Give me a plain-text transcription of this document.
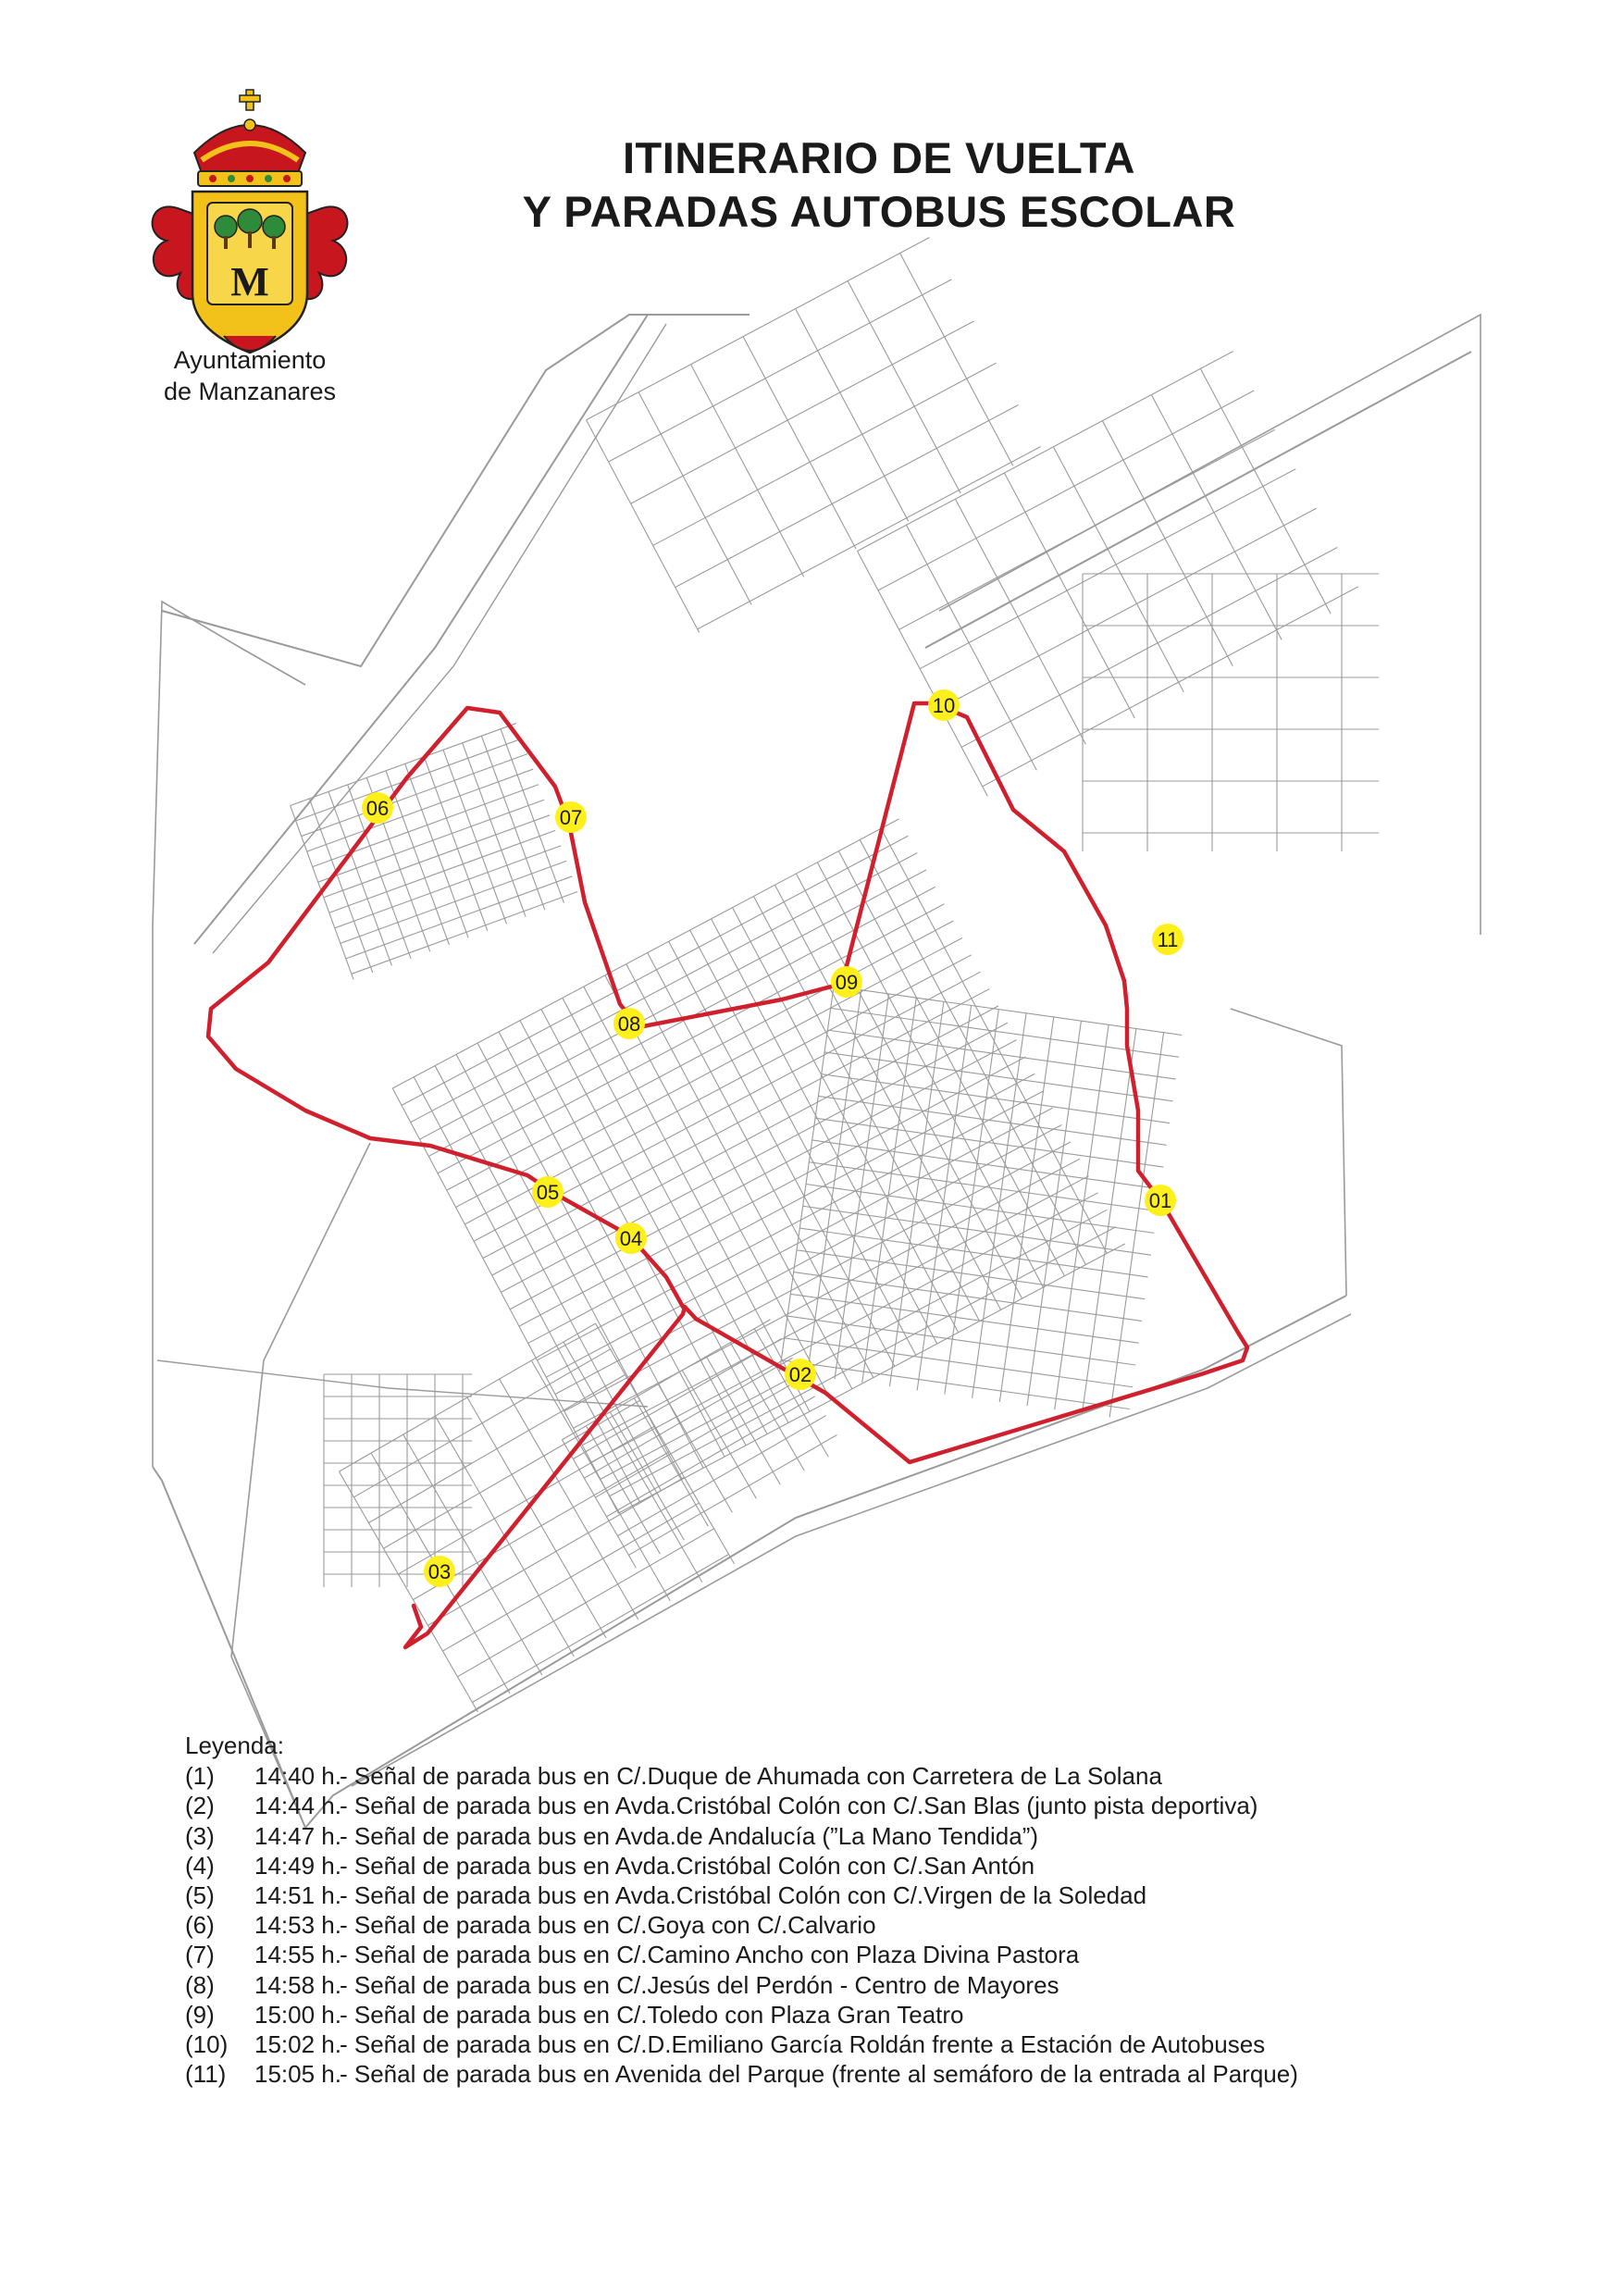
M
Ayuntamiento
de Manzanares
ITINERARIO DE VUELTA
Y PARADAS AUTOBUS ESCOLAR
01
02
03
04
05
06	07
08
09
10
11
Leyenda:
(1)	14:40 h.
- Señal de parada bus en C/.Duque de Ahumada con Carretera de La Solana
(2)	14:44 h.
- Señal de parada bus en Avda.Cristóbal Colón con C/.San Blas (junto pista deportiva)
(3)	14:47 h.
- Señal de parada bus en Avda.de Andalucía (”La Mano Tendida”)
(4)	14:49 h.
- Señal de parada bus en Avda.Cristóbal Colón con C/.San Antón
(5)	14:51 h.
- Señal de parada bus en Avda.Cristóbal Colón con C/.Virgen de la Soledad
(6)	14:53 h.
- Señal de parada bus en C/.Goya con C/.Calvario
(7)	14:55 h.
- Señal de parada bus en C/.Camino Ancho con Plaza Divina Pastora
(8)	14:58 h.
- Señal de parada bus en C/.Jesús del Perdón - Centro de Mayores
(9)	15:00 h.
- Señal de parada bus en C/.Toledo con Plaza Gran Teatro
(10)	15:02 h.
- Señal de parada bus en C/.D.Emiliano García Roldán frente a Estación de Autobuses
(11)	15:05 h.
- Señal de parada bus en Avenida del Parque (frente al semáforo de la entrada al Parque)
